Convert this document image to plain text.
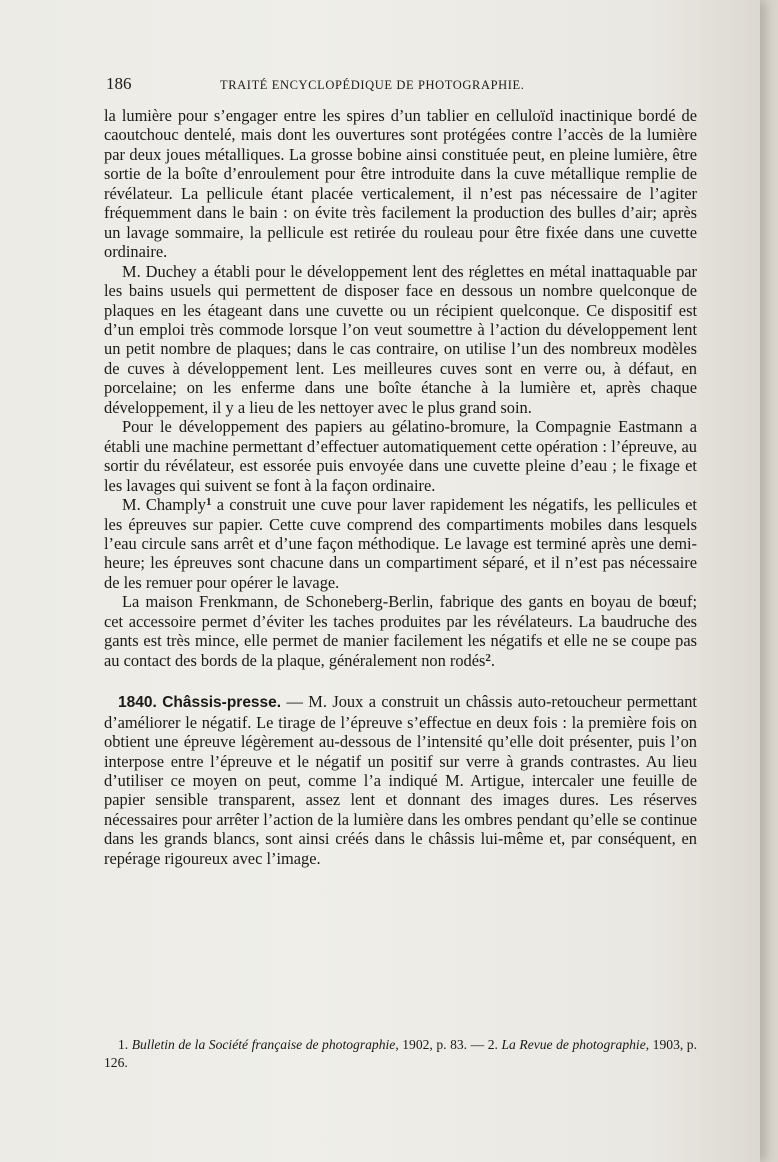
186	TRAITÉ ENCYCLOPÉDIQUE DE PHOTOGRAPHIE.

la lumière pour s’engager entre les spires d’un tablier en celluloïd inactinique bordé de caoutchouc dentelé, mais dont les ouvertures sont protégées contre l’accès de la lumière par deux joues métalliques. La grosse bobine ainsi constituée peut, en pleine lumière, être sortie de la boîte d’enroulement pour être introduite dans la cuve métallique remplie de révélateur. La pellicule étant placée verticalement, il n’est pas nécessaire de l’agiter fréquemment dans le bain : on évite très facilement la production des bulles d’air; après un lavage sommaire, la pellicule est retirée du rouleau pour être fixée dans une cuvette ordinaire.

M. Duchey a établi pour le développement lent des réglettes en métal inattaquable par les bains usuels qui permettent de disposer face en dessous un nombre quelconque de plaques en les étageant dans une cuvette ou un récipient quelconque. Ce dispositif est d’un emploi très commode lorsque l’on veut soumettre à l’action du développement lent un petit nombre de plaques; dans le cas contraire, on utilise l’un des nombreux modèles de cuves à développement lent. Les meilleures cuves sont en verre ou, à défaut, en porcelaine; on les enferme dans une boîte étanche à la lumière et, après chaque développement, il y a lieu de les nettoyer avec le plus grand soin.

Pour le développement des papiers au gélatino-bromure, la Compagnie Eastmann a établi une machine permettant d’effectuer automatiquement cette opération : l’épreuve, au sortir du révélateur, est essorée puis envoyée dans une cuvette pleine d’eau ; le fixage et les lavages qui suivent se font à la façon ordinaire.

M. Champly$^1$ a construit une cuve pour laver rapidement les négatifs, les pellicules et les épreuves sur papier. Cette cuve comprend des compartiments mobiles dans lesquels l’eau circule sans arrêt et d’une façon méthodique. Le lavage est terminé après une demi-heure; les épreuves sont chacune dans un compartiment séparé, et il n’est pas nécessaire de les remuer pour opérer le lavage.

La maison Frenkmann, de Schoneberg-Berlin, fabrique des gants en boyau de bœuf; cet accessoire permet d’éviter les taches produites par les révélateurs. La baudruche des gants est très mince, elle permet de manier facilement les négatifs et elle ne se coupe pas au contact des bords de la plaque, généralement non rodés$^2$.

1840. Châssis-presse. — M. Joux a construit un châssis auto-retoucheur permettant d’améliorer le négatif. Le tirage de l’épreuve s’effectue en deux fois : la première fois on obtient une épreuve légèrement au-dessous de l’intensité qu’elle doit présenter, puis l’on interpose entre l’épreuve et le négatif un positif sur verre à grands contrastes. Au lieu d’utiliser ce moyen on peut, comme l’a indiqué M. Artigue, intercaler une feuille de papier sensible transparent, assez lent et donnant des images dures. Les réserves nécessaires pour arrêter l’action de la lumière dans les ombres pendant qu’elle se continue dans les grands blancs, sont ainsi créés dans le châssis lui-même et, par conséquent, en repérage rigoureux avec l’image.

1. Bulletin de la Société française de photographie, 1902, p. 83. — 2. La Revue de photographie, 1903, p. 126.
